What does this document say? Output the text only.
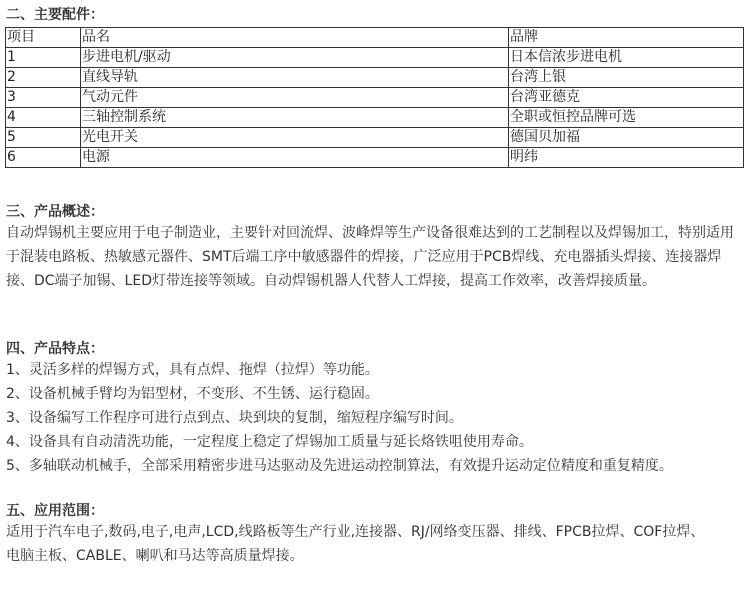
二、主要配件：
项目	品名	品牌
1	步进电机/驱动	日本信浓步进电机
2	直线导轨	台湾上银
3	气动元件	台湾亚德克
4	三轴控制系统	全职或恒控品牌可选
5	光电开关	德国贝加福
6	电源	明纬
三、产品概述：
自动焊锡机主要应用于电子制造业，主要针对回流焊、波峰焊等生产设备很难达到的工艺制程以及焊锡加工，特别适用于混装电路板、热敏感元器件、SMT后端工序中敏感器件的焊接，广泛应用于PCB焊线、充电器插头焊接、连接器焊接、DC端子加锡、LED灯带连接等领域。自动焊锡机器人代替人工焊接，提高工作效率，改善焊接质量。
四、产品特点：
1、灵活多样的焊锡方式，具有点焊、拖焊（拉焊）等功能。
2、设备机械手臂均为铝型材，不变形、不生锈、运行稳固。
3、设备编写工作程序可进行点到点、块到块的复制，缩短程序编写时间。
4、设备具有自动清洗功能，一定程度上稳定了焊锡加工质量与延长烙铁咀使用寿命。
5、多轴联动机械手，全部采用精密步进马达驱动及先进运动控制算法，有效提升运动定位精度和重复精度。
五、应用范围：
适用于汽车电子,数码,电子,电声,LCD,线路板等生产行业,连接器、RJ/网络变压器、排线、FPCB拉焊、COF拉焊、
电脑主板、CABLE、喇叭和马达等高质量焊接。
